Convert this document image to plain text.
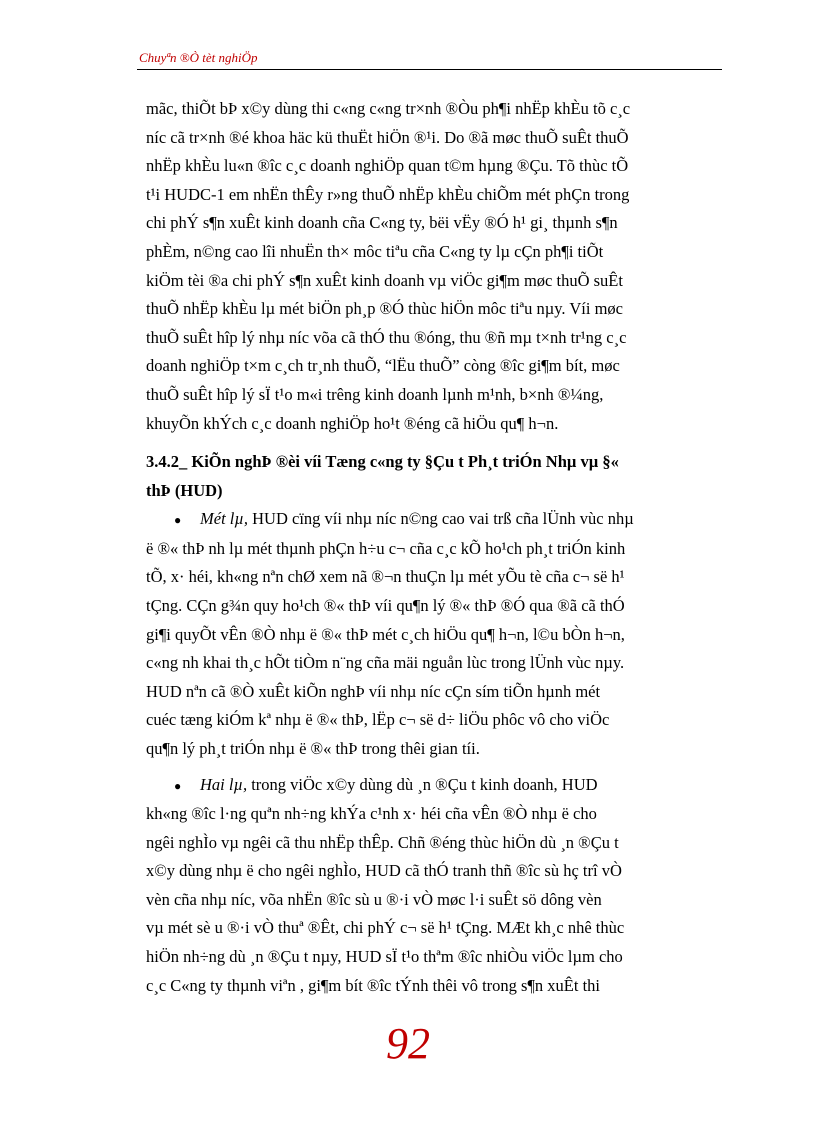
Chuyªn ®Ò tèt nghiÖp
mãc, thiÕt bÞ x©y dùng thi c«ng c«ng tr×nh ®Òu ph¶i nhËp khÈu tõ c¸c
níc cã tr×nh ®é khoa häc kü thuËt hiÖn ®¹i. Do ®ã møc thuÕ suÊt thuÕ
nhËp khÈu lu«n ®îc c¸c doanh nghiÖp quan t©m hµng ®Çu. Tõ thùc tÕ
t¹i HUDC-1 em nhËn thÊy r»ng thuÕ nhËp khÈu chiÕm mét phÇn trong
chi phÝ s¶n xuÊt kinh doanh cña C«ng ty, bëi vËy ®Ó h¹ gi¸ thµnh s¶n
phÈm, n©ng cao lîi nhuËn th× môc tiªu cña C«ng ty lµ cÇn ph¶i tiÕt
kiÖm tèi ®a chi phÝ s¶n xuÊt kinh doanh vµ viÖc gi¶m møc thuÕ suÊt
thuÕ nhËp khÈu lµ mét biÖn ph¸p ®Ó thùc hiÖn môc tiªu nµy. Víi møc
thuÕ suÊt hîp lý nhµ níc võa cã thÓ thu ®óng, thu ®ñ mµ t×nh tr¹ng c¸c
doanh nghiÖp t×m c¸ch tr¸nh thuÕ, “lËu thuÕ” còng ®îc gi¶m bít, møc
thuÕ suÊt hîp lý sÏ t¹o m«i trêng kinh doanh lµnh m¹nh, b×nh ®¼ng,
khuyÕn khÝch c¸c doanh nghiÖp ho¹t ®éng cã hiÖu qu¶ h¬n.
3.4.2_ KiÕn nghÞ ®èi víi Tæng c«ng ty §Çu t Ph¸t triÓn Nhµ vµ §«
thÞ (HUD)
● Mét lµ, HUD cïng víi nhµ níc n©ng cao vai trß cña lÜnh vùc nhµ
ë ®« thÞ nh lµ mét thµnh phÇn h÷u c¬ cña c¸c kÕ ho¹ch ph¸t triÓn kinh
tÕ, x· héi, kh«ng nªn chØ xem nã ®¬n thuÇn lµ mét yÕu tè cña c¬ së h¹
tÇng. CÇn g¾n quy ho¹ch ®« thÞ víi qu¶n lý ®« thÞ ®Ó qua ®ã cã thÓ
gi¶i quyÕt vÊn ®Ò nhµ ë ®« thÞ mét c¸ch hiÖu qu¶ h¬n, l©u bÒn h¬n,
c«ng nh khai th¸c hÕt tiÒm n¨ng cña mäi nguån lùc trong lÜnh vùc nµy.
HUD nªn cã ®Ò xuÊt kiÕn nghÞ víi nhµ níc cÇn sím tiÕn hµnh mét
cuéc tæng kiÓm kª nhµ ë ®« thÞ, lËp c¬ së d÷ liÖu phôc vô cho viÖc
qu¶n lý ph¸t triÓn nhµ ë ®« thÞ trong thêi gian tíi.
● Hai lµ, trong viÖc x©y dùng dù ¸n ®Çu t kinh doanh, HUD
kh«ng ®îc l·ng quªn nh÷ng khÝa c¹nh x· héi cña vÊn ®Ò nhµ ë cho
ngêi nghÌo vµ ngêi cã thu nhËp thÊp. Chñ ®éng thùc hiÖn dù ¸n ®Çu t
x©y dùng nhµ ë cho ngêi nghÌo, HUD cã thÓ tranh thñ ®îc sù hç trî vÒ
vèn cña nhµ níc, võa nhËn ®îc sù u ®·i vÒ møc l·i suÊt sö dông vèn
vµ mét sè u ®·i vÒ thuª ®Êt, chi phÝ c¬ së h¹ tÇng. MÆt kh¸c nhê thùc
hiÖn nh÷ng dù ¸n ®Çu t nµy, HUD sÏ t¹o thªm ®îc nhiÒu viÖc lµm cho
c¸c C«ng ty thµnh viªn , gi¶m bít ®îc tÝnh thêi vô trong s¶n xuÊt thi
92
